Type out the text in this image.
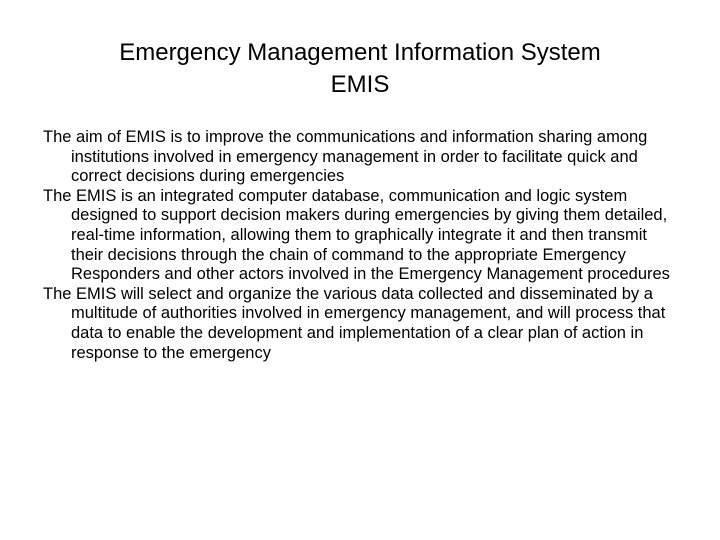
Emergency Management Information System
EMIS
The aim of EMIS is to improve the communications and information sharing among institutions involved in emergency management in order to facilitate quick and correct decisions during emergencies
The EMIS is an integrated computer database, communication and logic system designed to support decision makers during emergencies by giving them detailed, real-time information, allowing them to graphically integrate it and then transmit their decisions through the chain of command to the appropriate Emergency Responders and other actors involved in the Emergency Management procedures
The EMIS will select and organize the various data collected and disseminated by a multitude of authorities involved in emergency management, and will process that data to enable the development and implementation of a clear plan of action in response to the emergency
